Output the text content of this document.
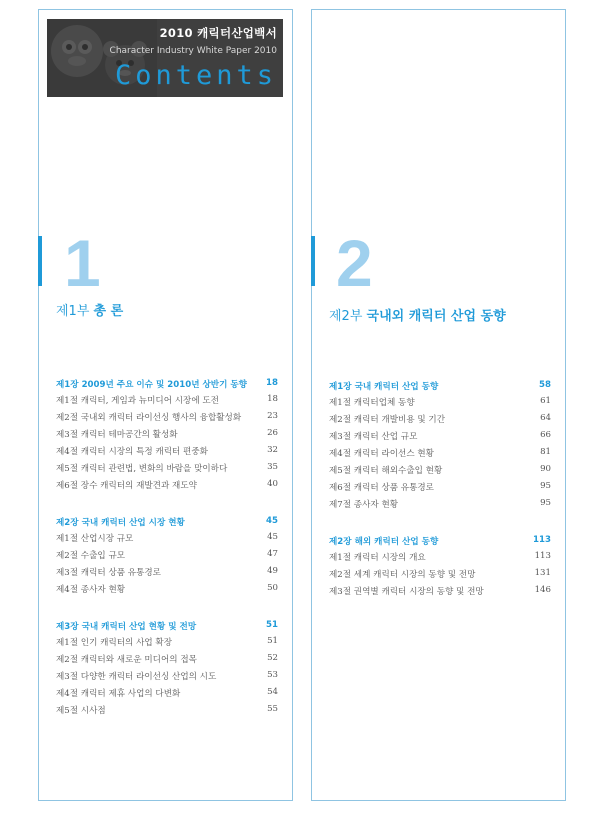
2010 캐릭터산업백서
Character Industry White Paper 2010
Contents
1
제1부 총 론
2
제2부 국내외 캐릭터 산업 동향
제1장 2009년 주요 이슈 및 2010년 상반기 동향 18
제1절 캐릭터, 게임과 뉴미디어 시장에 도전	18
제2절 국내외 캐릭터 라이선싱 행사의 융합활성화	23
제3절 캐릭터 테마공간의 활성화	26
제4절 캐릭터 시장의 특정 캐릭터 편중화	32
제5절 캐릭터 관련법, 변화의 바람을 맞이하다	35
제6절 장수 캐릭터의 재발견과 재도약	40
제2장 국내 캐릭터 산업 시장 현황	45
제1절 산업시장 규모	45
제2절 수출입 규모	47
제3절 캐릭터 상품 유통경로	49
제4절 종사자 현황	50
제3장 국내 캐릭터 산업 현황 및 전망	51
제1절 인기 캐릭터의 사업 확장	51
제2절 캐릭터와 새로운 미디어의 접목	52
제3절 다양한 캐릭터 라이선싱 산업의 시도	53
제4절 캐릭터 제휴 사업의 다변화	54
제5절 시사점	55
제1장 국내 캐릭터 산업 동향	58
제1절 캐릭터업체 동향	61
제2절 캐릭터 개발비용 및 기간	64
제3절 캐릭터 산업 규모	66
제4절 캐릭터 라이선스 현황	81
제5절 캐릭터 해외수출입 현황	90
제6절 캐릭터 상품 유통경로	95
제7절 종사자 현황	95
제2장 해외 캐릭터 산업 동향	113
제1절 캐릭터 시장의 개요	113
제2절 세계 캐릭터 시장의 동향 및 전망	131
제3절 권역별 캐릭터 시장의 동향 및 전망	146
